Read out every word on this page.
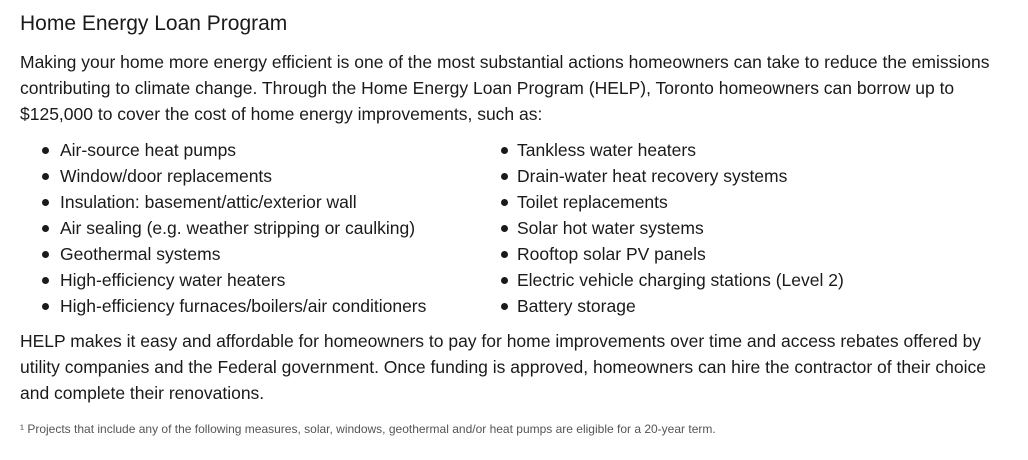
Home Energy Loan Program

Making your home more energy efficient is one of the most substantial actions homeowners can take to reduce the emissions contributing to climate change. Through the Home Energy Loan Program (HELP), Toronto homeowners can borrow up to $125,000 to cover the cost of home energy improvements, such as:

Air-source heat pumps
Window/door replacements
Insulation: basement/attic/exterior wall
Air sealing (e.g. weather stripping or caulking)
Geothermal systems
High-efficiency water heaters
High-efficiency furnaces/boilers/air conditioners
Tankless water heaters
Drain-water heat recovery systems
Toilet replacements
Solar hot water systems
Rooftop solar PV panels
Electric vehicle charging stations (Level 2)
Battery storage

HELP makes it easy and affordable for homeowners to pay for home improvements over time and access rebates offered by utility companies and the Federal government. Once funding is approved, homeowners can hire the contractor of their choice and complete their renovations.

¹ Projects that include any of the following measures, solar, windows, geothermal and/or heat pumps are eligible for a 20-year term.
